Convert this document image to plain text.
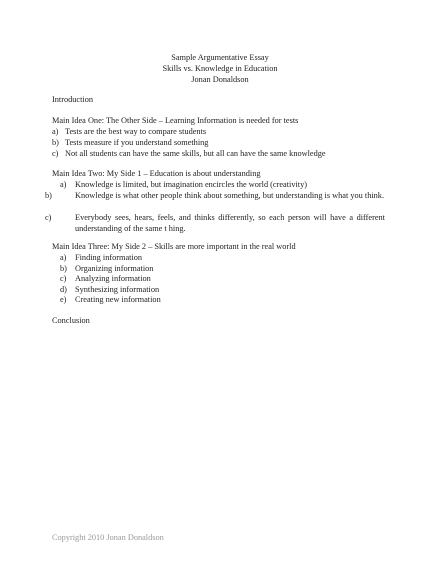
Sample Argumentative Essay
Skills vs. Knowledge in Education
Jonan Donaldson
Introduction
Main Idea One: The Other Side – Learning Information is needed for tests
a) Tests are the best way to compare students
b) Tests measure if you understand something
c) Not all students can have the same skills, but all can have the same knowledge
Main Idea Two: My Side 1 – Education is about understanding
a) Knowledge is limited, but imagination encircles the world (creativity)
b)	Knowledge is what other people think about something, but understanding is what you think.
c)	Everybody sees, hears, feels, and thinks differently, so each person will have a different understanding of the same t hing.
Main Idea Three: My Side 2 – Skills are more important in the real world
a) Finding information
b) Organizing information
c) Analyzing information
d) Synthesizing information
e) Creating new information
Conclusion
Copyright 2010 Jonan Donaldson
